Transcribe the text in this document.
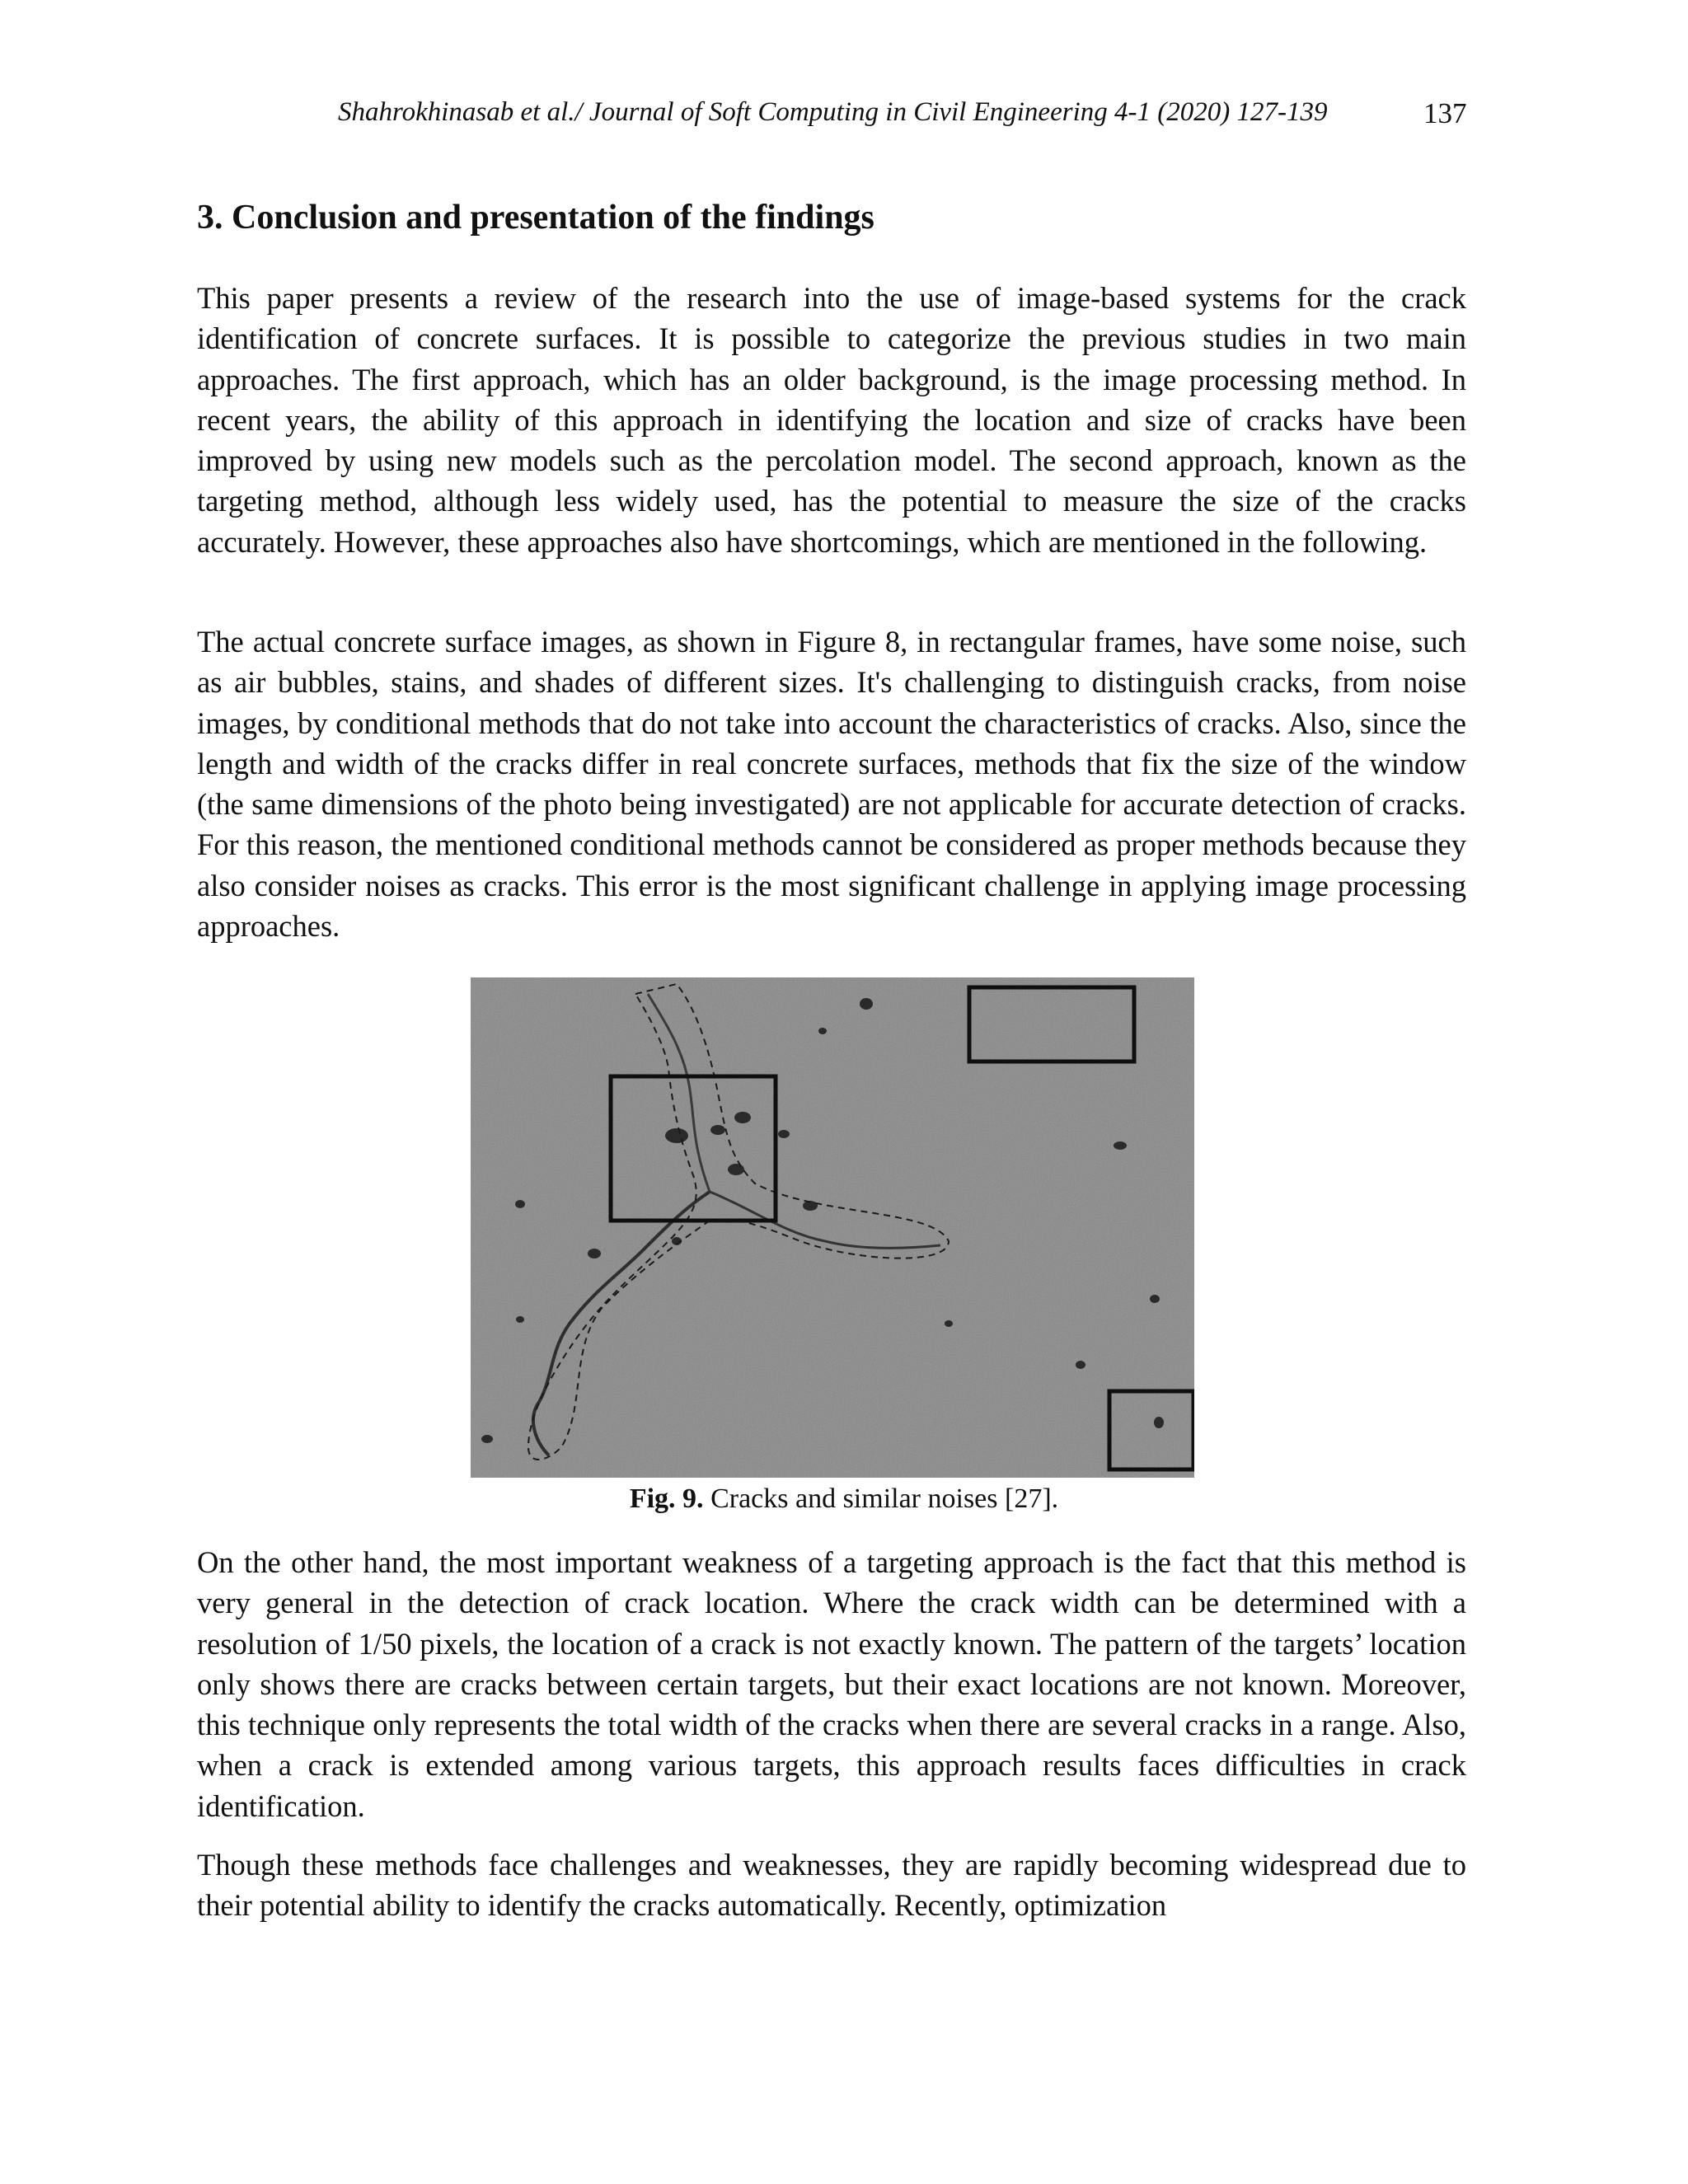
Shahrokhinasab et al./ Journal of Soft Computing in Civil Engineering 4-1 (2020) 127-139	137
3. Conclusion and presentation of the findings

This paper presents a review of the research into the use of image-based systems for the crack identification of concrete surfaces. It is possible to categorize the previous studies in two main approaches. The first approach, which has an older background, is the image processing method. In recent years, the ability of this approach in identifying the location and size of cracks have been improved by using new models such as the percolation model. The second approach, known as the targeting method, although less widely used, has the potential to measure the size of the cracks accurately. However, these approaches also have shortcomings, which are mentioned in the following.

The actual concrete surface images, as shown in Figure 8, in rectangular frames, have some noise, such as air bubbles, stains, and shades of different sizes. It's challenging to distinguish cracks, from noise images, by conditional methods that do not take into account the characteristics of cracks. Also, since the length and width of the cracks differ in real concrete surfaces, methods that fix the size of the window (the same dimensions of the photo being investigated) are not applicable for accurate detection of cracks. For this reason, the mentioned conditional methods cannot be considered as proper methods because they also consider noises as cracks. This error is the most significant challenge in applying image processing approaches.

Fig. 9. Cracks and similar noises [27].

On the other hand, the most important weakness of a targeting approach is the fact that this method is very general in the detection of crack location. Where the crack width can be determined with a resolution of 1/50 pixels, the location of a crack is not exactly known. The pattern of the targets’ location only shows there are cracks between certain targets, but their exact locations are not known. Moreover, this technique only represents the total width of the cracks when there are several cracks in a range. Also, when a crack is extended among various targets, this approach results faces difficulties in crack identification.

Though these methods face challenges and weaknesses, they are rapidly becoming widespread due to their potential ability to identify the cracks automatically. Recently, optimization
